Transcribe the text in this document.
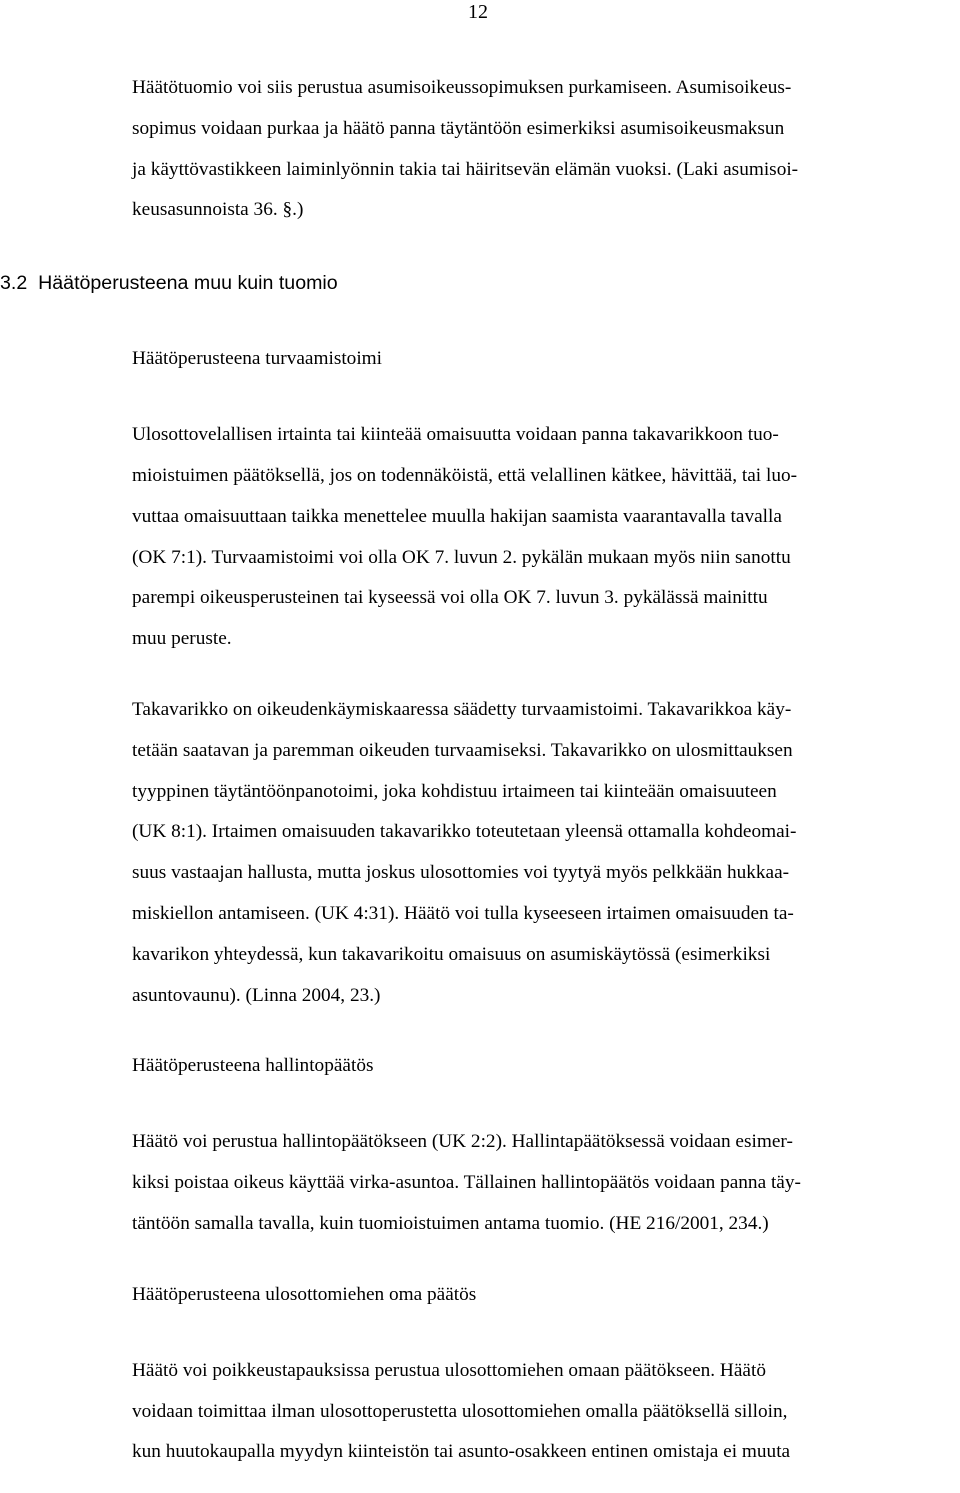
12
Häätötuomio voi siis perustua asumisoikeussopimuksen purkamiseen. Asumisoikeus-
sopimus voidaan purkaa ja häätö panna täytäntöön esimerkiksi asumisoikeusmaksun
ja käyttövastikkeen laiminlyönnin takia tai häiritsevän elämän vuoksi. (Laki asumisoi-
keusasunnoista 36. §.)
3.2  Häätöperusteena muu kuin tuomio
Häätöperusteena turvaamistoimi
Ulosottovelallisen irtainta tai kiinteää omaisuutta voidaan panna takavarikkoon tuo-
mioistuimen päätöksellä, jos on todennäköistä, että velallinen kätkee, hävittää, tai luo-
vuttaa omaisuuttaan taikka menettelee muulla hakijan saamista vaarantavalla tavalla
(OK 7:1). Turvaamistoimi voi olla OK 7. luvun 2. pykälän mukaan myös niin sanottu
parempi oikeusperusteinen tai kyseessä voi olla OK 7. luvun 3. pykälässä mainittu
muu peruste.
Takavarikko on oikeudenkäymiskaaressa säädetty turvaamistoimi. Takavarikkoa käy-
tetään saatavan ja paremman oikeuden turvaamiseksi. Takavarikko on ulosmittauksen
tyyppinen täytäntöönpanotoimi, joka kohdistuu irtaimeen tai kiinteään omaisuuteen
(UK 8:1). Irtaimen omaisuuden takavarikko toteutetaan yleensä ottamalla kohdeomai-
suus vastaajan hallusta, mutta joskus ulosottomies voi tyytyä myös pelkkään hukkaa-
miskiellon antamiseen. (UK 4:31). Häätö voi tulla kyseeseen irtaimen omaisuuden ta-
kavarikon yhteydessä, kun takavarikoitu omaisuus on asumiskäytössä (esimerkiksi
asuntovaunu). (Linna 2004, 23.)
Häätöperusteena hallintopäätös
Häätö voi perustua hallintopäätökseen (UK 2:2). Hallintapäätöksessä voidaan esimer-
kiksi poistaa oikeus käyttää virka-asuntoa. Tällainen hallintopäätös voidaan panna täy-
täntöön samalla tavalla, kuin tuomioistuimen antama tuomio. (HE 216/2001, 234.)
Häätöperusteena ulosottomiehen oma päätös
Häätö voi poikkeustapauksissa perustua ulosottomiehen omaan päätökseen. Häätö
voidaan toimittaa ilman ulosottoperustetta ulosottomiehen omalla päätöksellä silloin,
kun huutokaupalla myydyn kiinteistön tai asunto-osakkeen entinen omistaja ei muuta
